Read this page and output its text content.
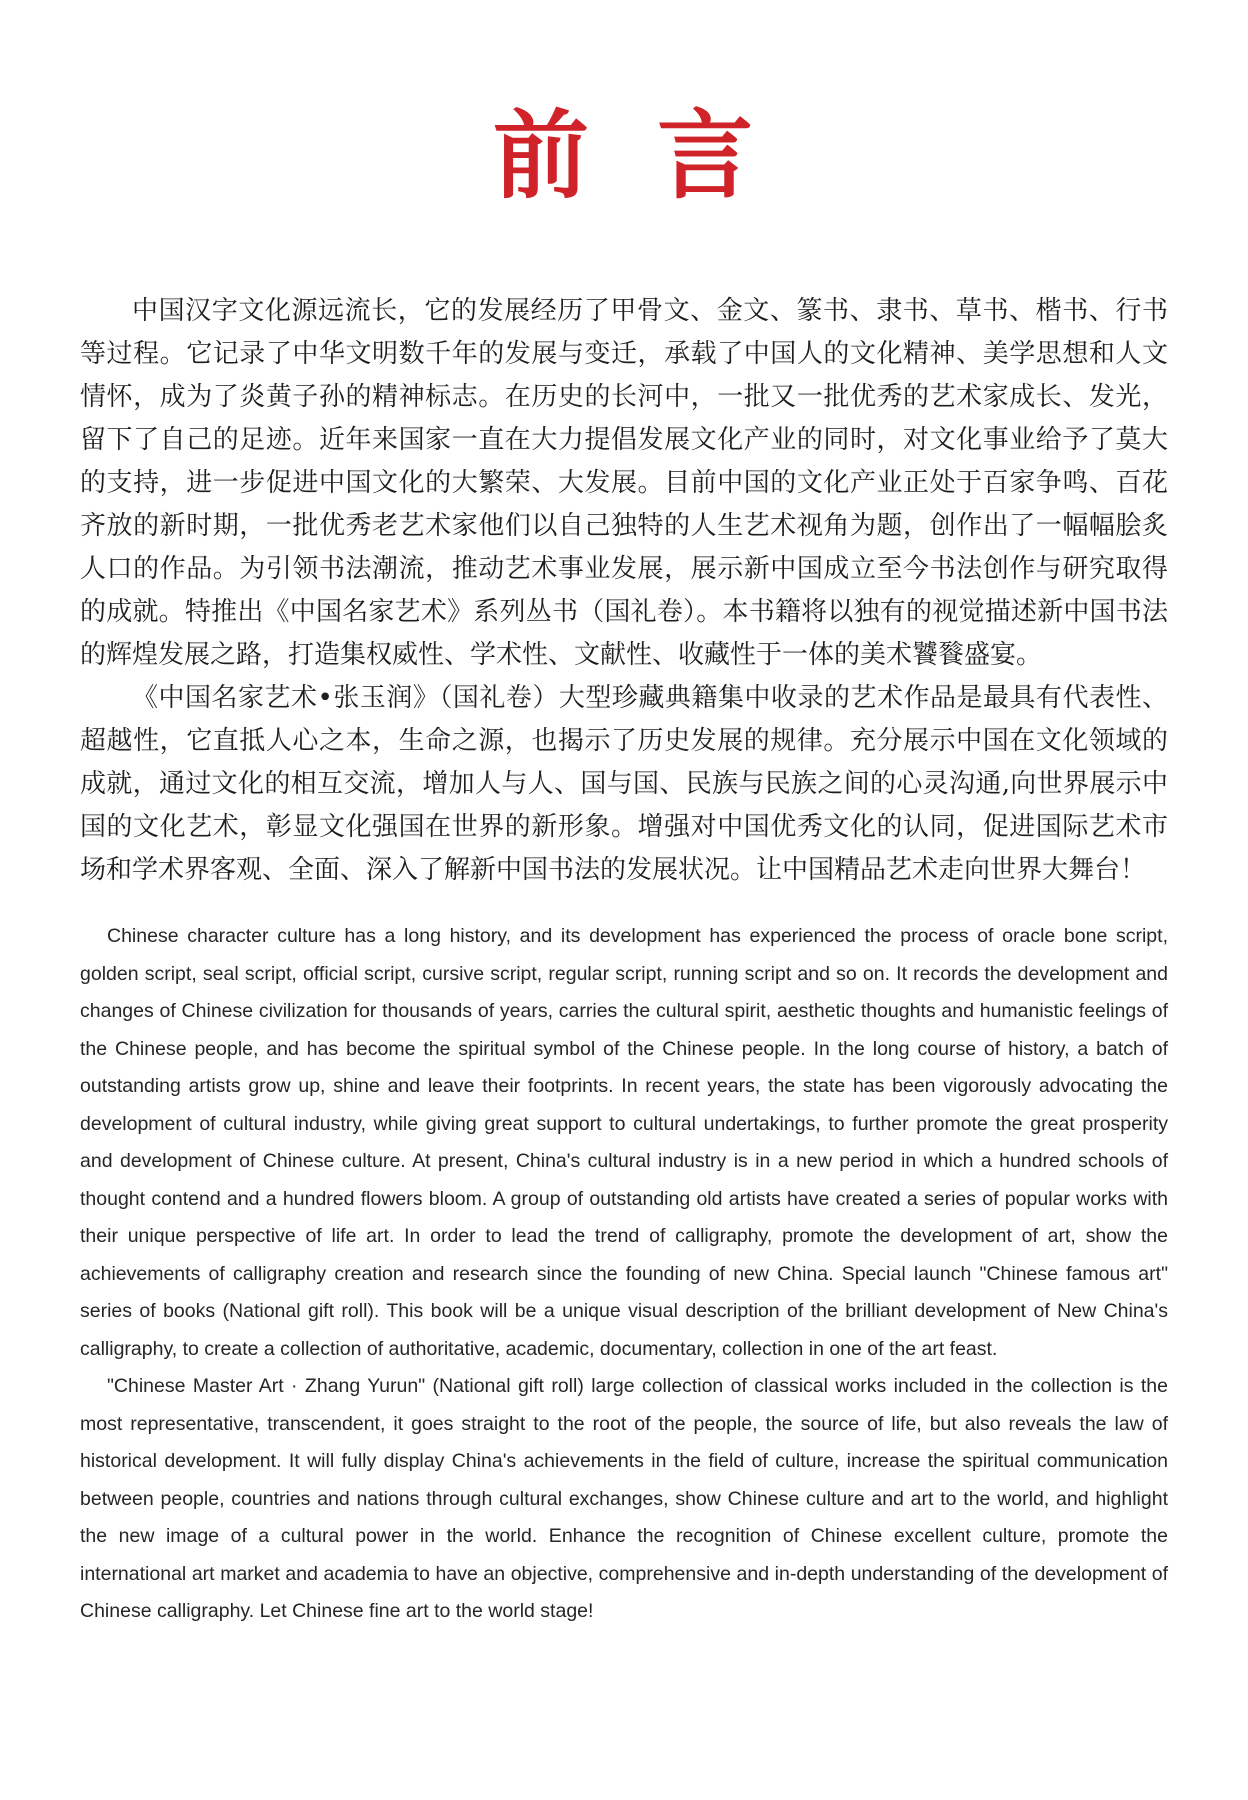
前 言

中国汉字文化源远流长，它的发展经历了甲骨文、金文、篆书、隶书、草书、楷书、行书等过程。它记录了中华文明数千年的发展与变迁，承载了中国人的文化精神、美学思想和人文情怀，成为了炎黄子孙的精神标志。在历史的长河中，一批又一批优秀的艺术家成长、发光，留下了自己的足迹。近年来国家一直在大力提倡发展文化产业的同时，对文化事业给予了莫大的支持，进一步促进中国文化的大繁荣、大发展。目前中国的文化产业正处于百家争鸣、百花齐放的新时期，一批优秀老艺术家他们以自己独特的人生艺术视角为题，创作出了一幅幅脍炙人口的作品。为引领书法潮流，推动艺术事业发展，展示新中国成立至今书法创作与研究取得的成就。特推出《中国名家艺术》系列丛书（国礼卷）。本书籍将以独有的视觉描述新中国书法的辉煌发展之路，打造集权威性、学术性、文献性、收藏性于一体的美术饕餮盛宴。

《中国名家艺术•张玉润》（国礼卷）大型珍藏典籍集中收录的艺术作品是最具有代表性、超越性，它直抵人心之本，生命之源，也揭示了历史发展的规律。充分展示中国在文化领域的成就，通过文化的相互交流，增加人与人、国与国、民族与民族之间的心灵沟通,向世界展示中国的文化艺术，彰显文化强国在世界的新形象。增强对中国优秀文化的认同，促进国际艺术市场和学术界客观、全面、深入了解新中国书法的发展状况。让中国精品艺术走向世界大舞台！

Chinese character culture has a long history, and its development has experienced the process of oracle bone script, golden script, seal script, official script, cursive script, regular script, running script and so on. It records the development and changes of Chinese civilization for thousands of years, carries the cultural spirit, aesthetic thoughts and humanistic feelings of the Chinese people, and has become the spiritual symbol of the Chinese people. In the long course of history, a batch of outstanding artists grow up, shine and leave their footprints. In recent years, the state has been vigorously advocating the development of cultural industry, while giving great support to cultural undertakings, to further promote the great prosperity and development of Chinese culture. At present, China's cultural industry is in a new period in which a hundred schools of thought contend and a hundred flowers bloom. A group of outstanding old artists have created a series of popular works with their unique perspective of life art. In order to lead the trend of calligraphy, promote the development of art, show the achievements of calligraphy creation and research since the founding of new China. Special launch "Chinese famous art" series of books (National gift roll). This book will be a unique visual description of the brilliant development of New China's calligraphy, to create a collection of authoritative, academic, documentary, collection in one of the art feast.

"Chinese Master Art · Zhang Yurun" (National gift roll) large collection of classical works included in the collection is the most representative, transcendent, it goes straight to the root of the people, the source of life, but also reveals the law of historical development. It will fully display China's achievements in the field of culture, increase the spiritual communication between people, countries and nations through cultural exchanges, show Chinese culture and art to the world, and highlight the new image of a cultural power in the world. Enhance the recognition of Chinese excellent culture, promote the international art market and academia to have an objective, comprehensive and in-depth understanding of the development of Chinese calligraphy. Let Chinese fine art to the world stage!
